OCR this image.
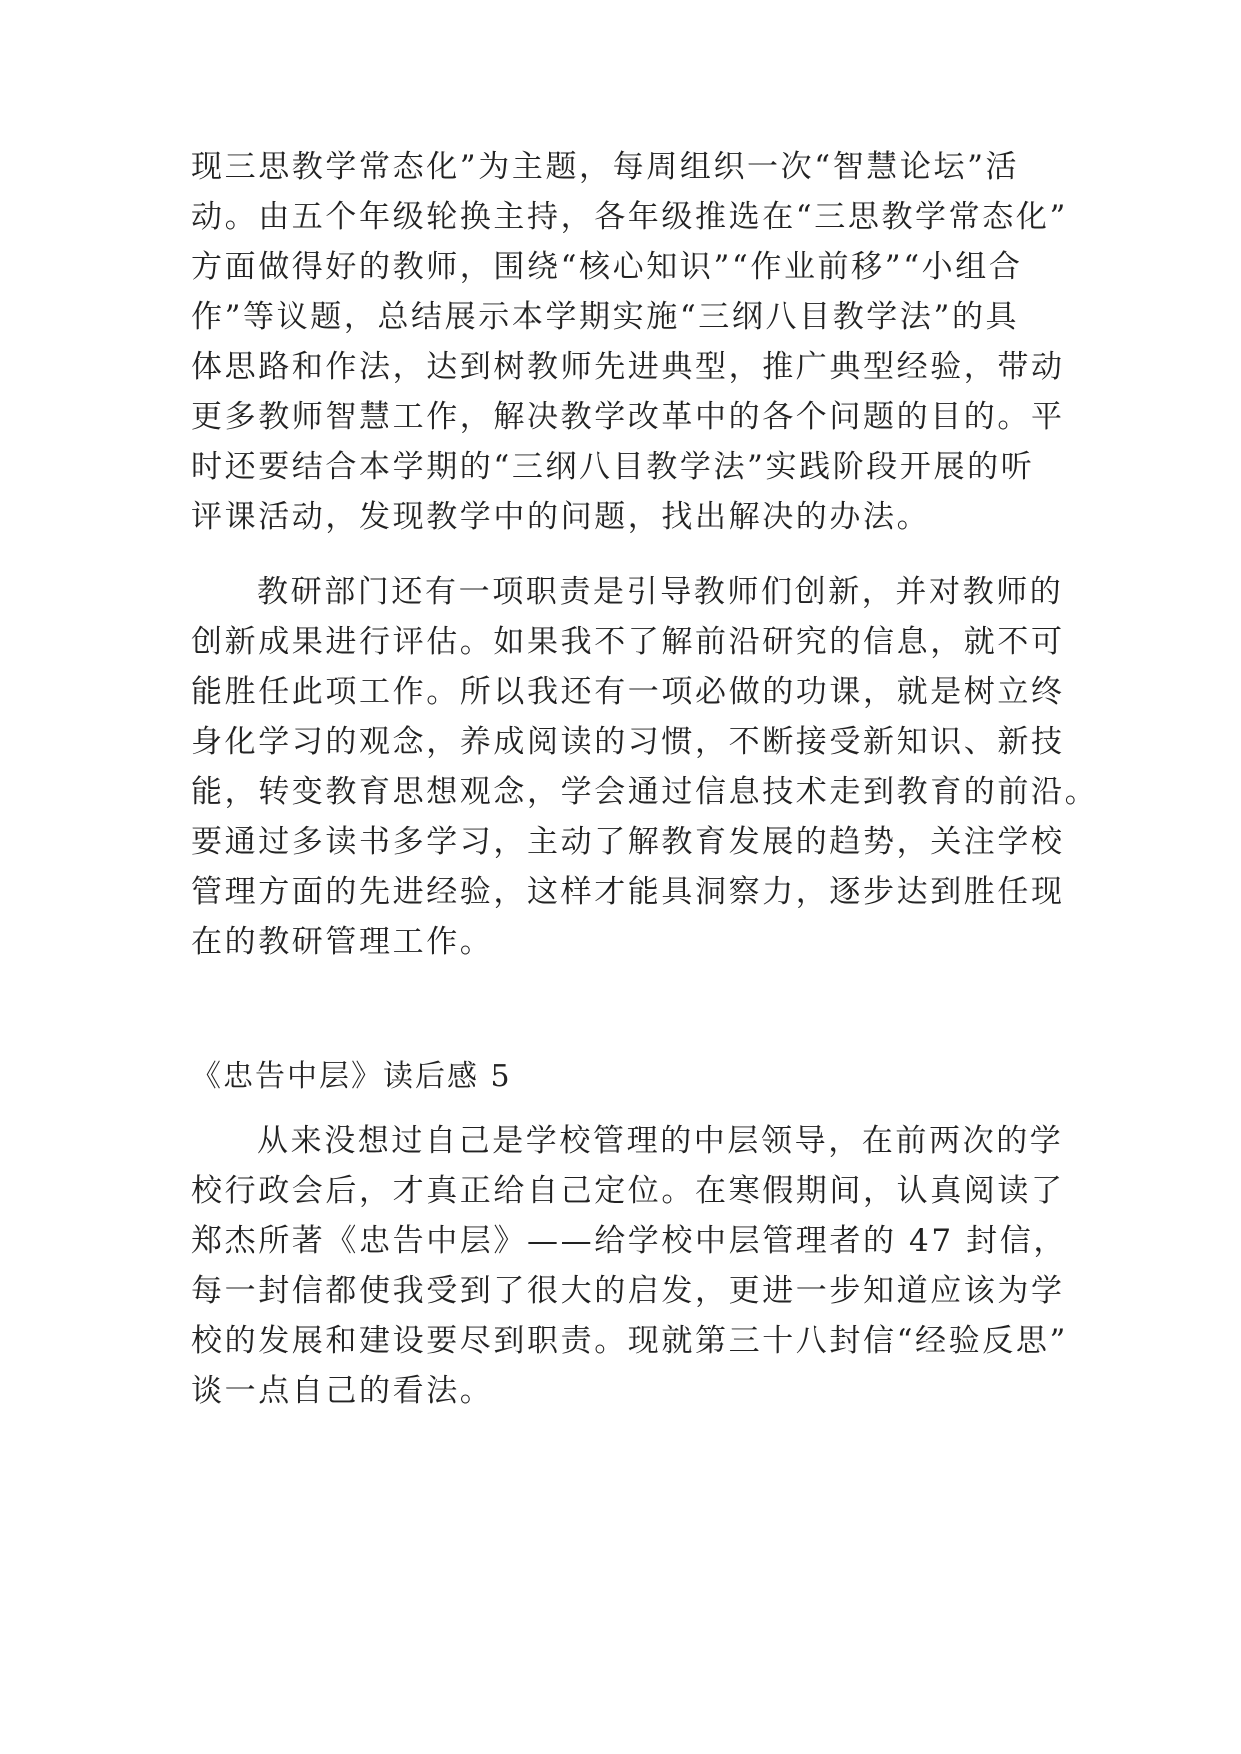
现三思教学常态化”为主题，每周组织一次“智慧论坛”活
动。由五个年级轮换主持，各年级推选在“三思教学常态化”
方面做得好的教师，围绕“核心知识”“作业前移”“小组合
作”等议题，总结展示本学期实施“三纲八目教学法”的具
体思路和作法，达到树教师先进典型，推广典型经验，带动
更多教师智慧工作，解决教学改革中的各个问题的目的。平
时还要结合本学期的“三纲八目教学法”实践阶段开展的听
评课活动，发现教学中的问题，找出解决的办法。
教研部门还有一项职责是引导教师们创新，并对教师的
创新成果进行评估。如果我不了解前沿研究的信息，就不可
能胜任此项工作。所以我还有一项必做的功课，就是树立终
身化学习的观念，养成阅读的习惯，不断接受新知识、新技
能，转变教育思想观念，学会通过信息技术走到教育的前沿。
要通过多读书多学习，主动了解教育发展的趋势，关注学校
管理方面的先进经验，这样才能具洞察力，逐步达到胜任现
在的教研管理工作。
《忠告中层》读后感 5
从来没想过自己是学校管理的中层领导，在前两次的学
校行政会后，才真正给自己定位。在寒假期间，认真阅读了
郑杰所著《忠告中层》——给学校中层管理者的 47 封信，
每一封信都使我受到了很大的启发，更进一步知道应该为学
校的发展和建设要尽到职责。现就第三十八封信“经验反思”
谈一点自己的看法。
